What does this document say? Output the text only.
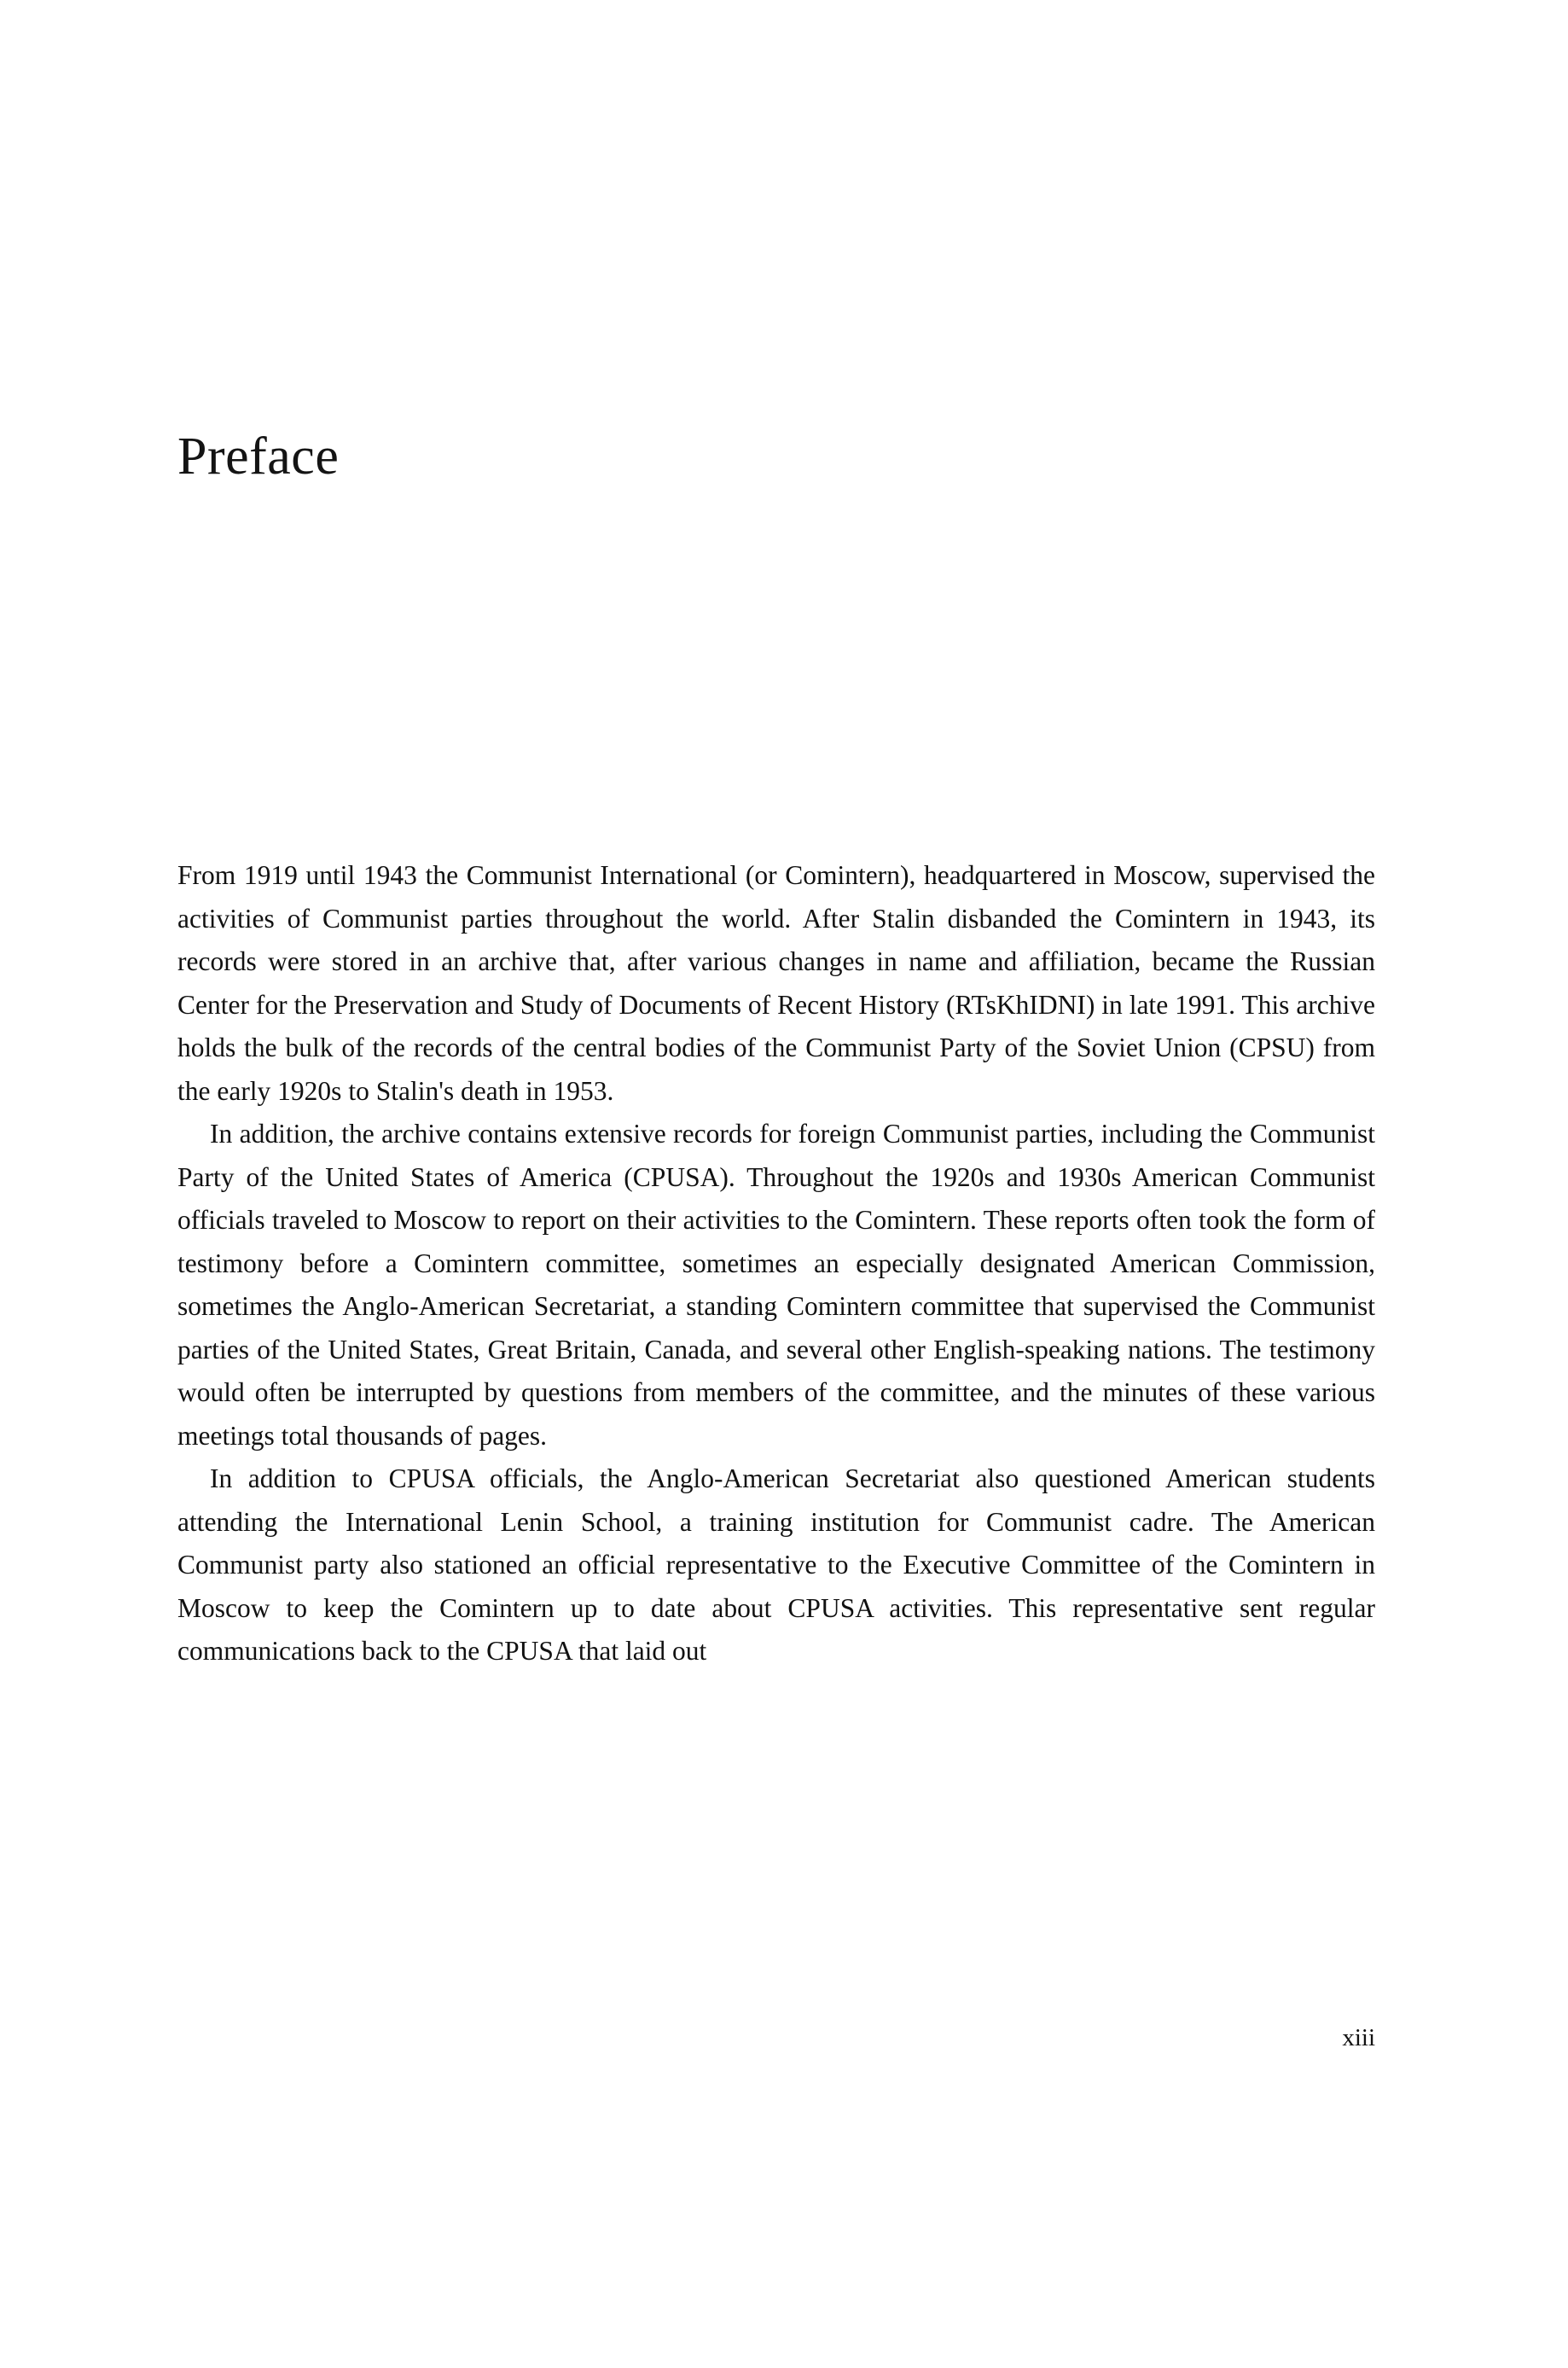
Preface

From 1919 until 1943 the Communist International (or Comintern), headquartered in Moscow, supervised the activities of Communist parties throughout the world. After Stalin disbanded the Comintern in 1943, its records were stored in an archive that, after various changes in name and affiliation, became the Russian Center for the Preservation and Study of Documents of Recent History (RTsKhIDNI) in late 1991. This archive holds the bulk of the records of the central bodies of the Communist Party of the Soviet Union (CPSU) from the early 1920s to Stalin's death in 1953.

In addition, the archive contains extensive records for foreign Communist parties, including the Communist Party of the United States of America (CPUSA). Throughout the 1920s and 1930s American Communist officials traveled to Moscow to report on their activities to the Comintern. These reports often took the form of testimony before a Comintern committee, sometimes an especially designated American Commission, sometimes the Anglo-American Secretariat, a standing Comintern committee that supervised the Communist parties of the United States, Great Britain, Canada, and several other English-speaking nations. The testimony would often be interrupted by questions from members of the committee, and the minutes of these various meetings total thousands of pages.

In addition to CPUSA officials, the Anglo-American Secretariat also questioned American students attending the International Lenin School, a training institution for Communist cadre. The American Communist party also stationed an official representative to the Executive Committee of the Comintern in Moscow to keep the Comintern up to date about CPUSA activities. This representative sent regular communications back to the CPUSA that laid out

xiii
